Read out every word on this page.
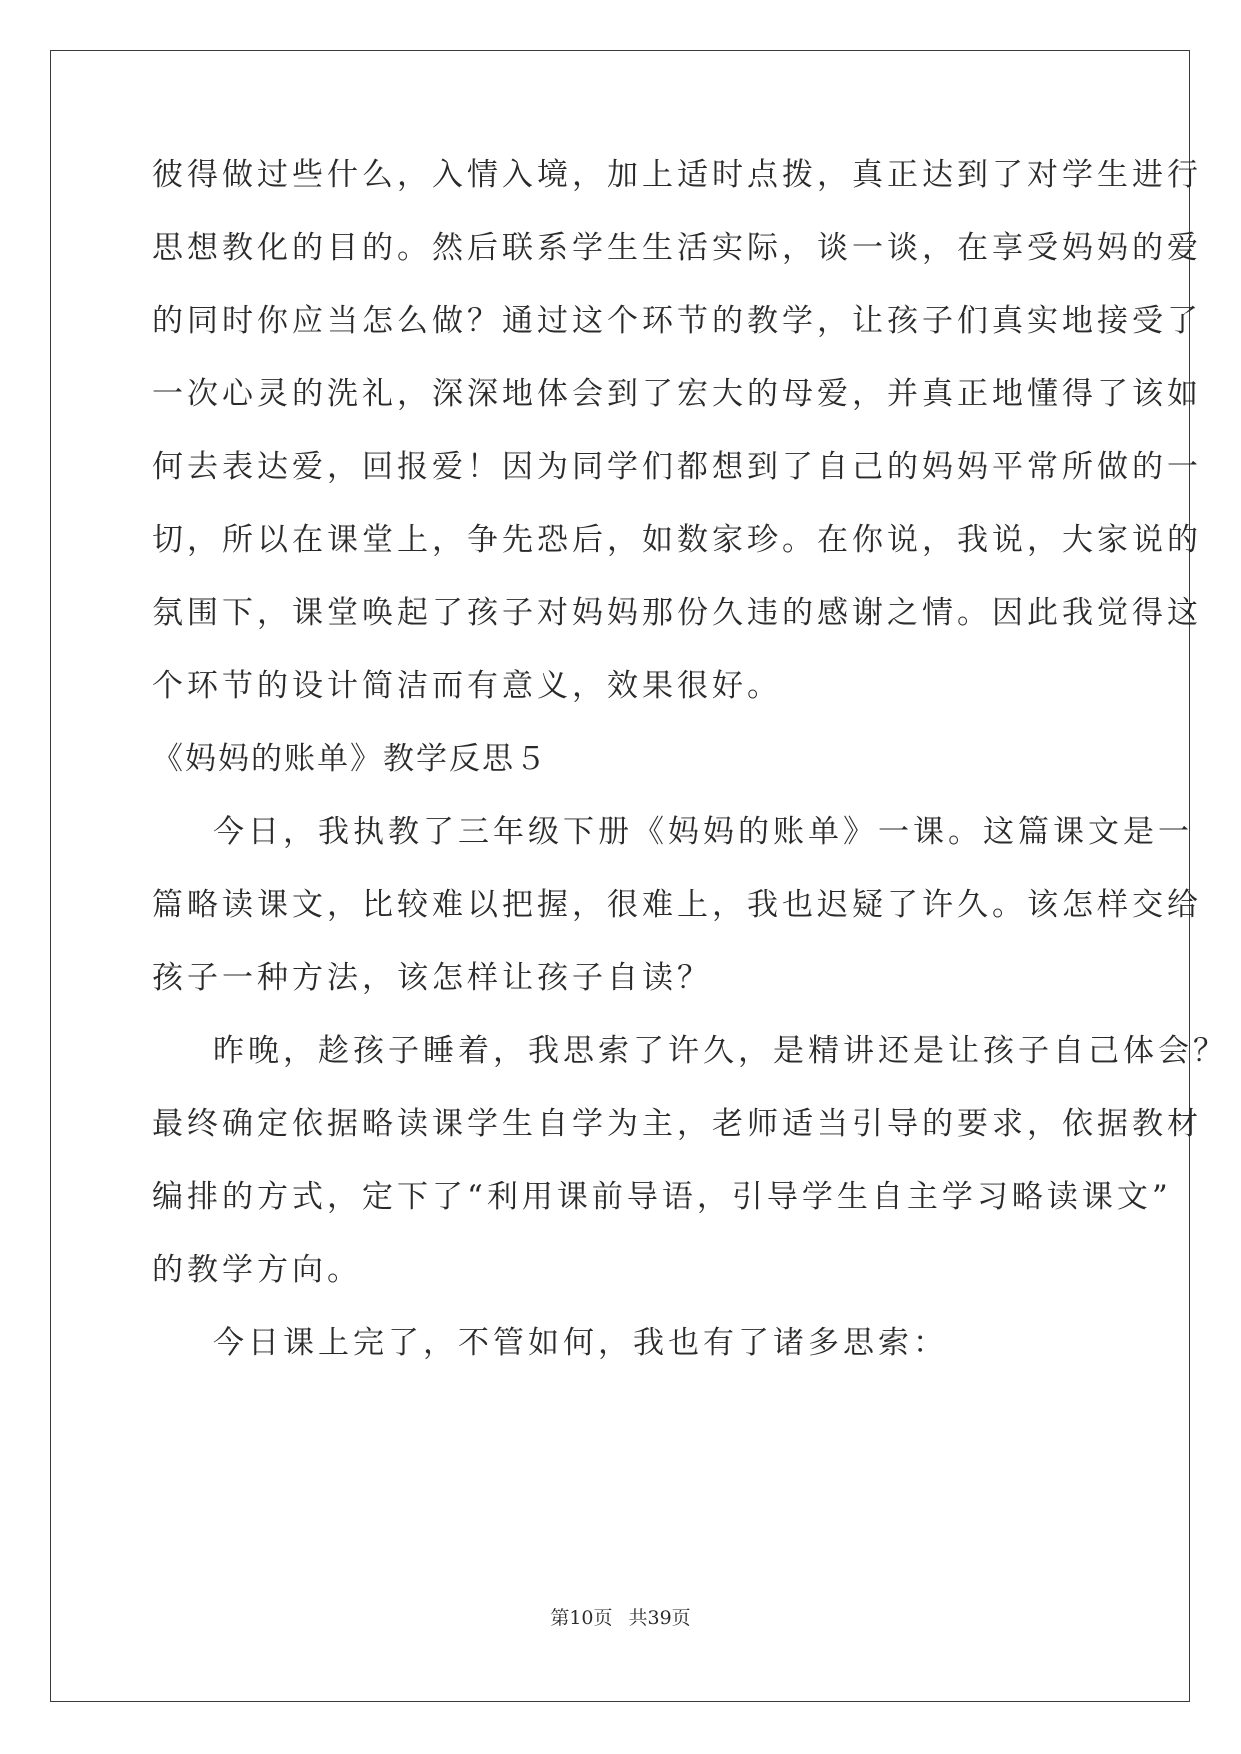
彼得做过些什么，入情入境，加上适时点拨，真正达到了对学生进行
思想教化的目的。然后联系学生生活实际，谈一谈，在享受妈妈的爱
的同时你应当怎么做？通过这个环节的教学，让孩子们真实地接受了
一次心灵的洗礼，深深地体会到了宏大的母爱，并真正地懂得了该如
何去表达爱，回报爱！因为同学们都想到了自己的妈妈平常所做的一
切，所以在课堂上，争先恐后，如数家珍。在你说，我说，大家说的
氛围下，课堂唤起了孩子对妈妈那份久违的感谢之情。因此我觉得这
个环节的设计简洁而有意义，效果很好。
《妈妈的账单》教学反思５
今日，我执教了三年级下册《妈妈的账单》一课。这篇课文是一
篇略读课文，比较难以把握，很难上，我也迟疑了许久。该怎样交给
孩子一种方法，该怎样让孩子自读？
昨晚，趁孩子睡着，我思索了许久，是精讲还是让孩子自己体会？
最终确定依据略读课学生自学为主，老师适当引导的要求，依据教材
编排的方式，定下了“利用课前导语，引导学生自主学习略读课文”
的教学方向。
今日课上完了，不管如何，我也有了诸多思索：
第10页 共39页
